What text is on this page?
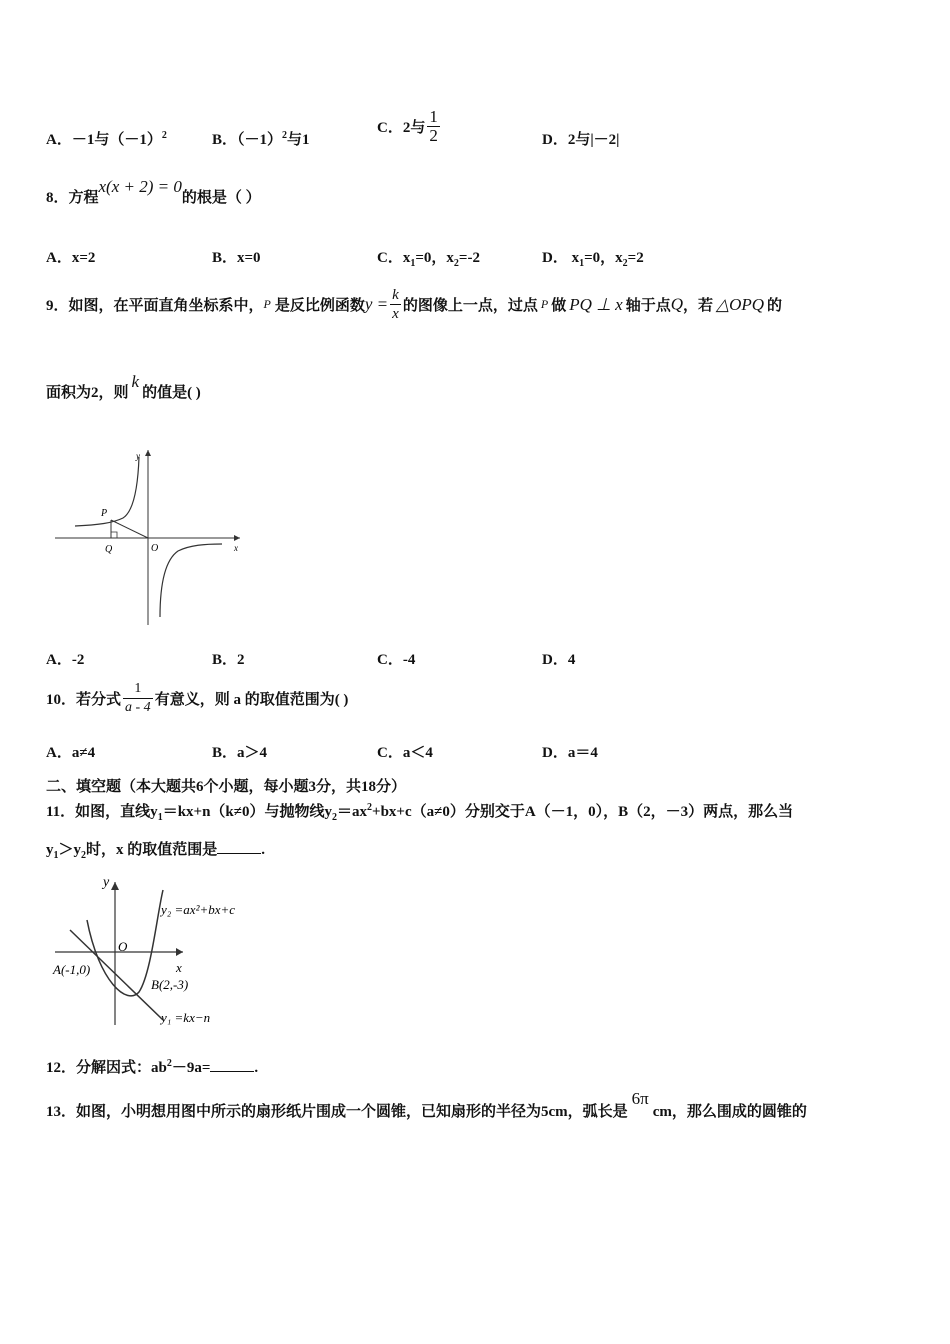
A．－1与$(-1)^2$	B．$(-1)^2$与1
C．2与 $\frac{1}{2}$	D．2与|－2|
8．方程x(x + 2) = 0的根是（ ）
A．x=2	B．x=0	C．$x_1=0$，$x_2=-2$	D． $x_1=0$，$x_2=2$
9．如图，在平面直角坐标系中，P 是反比例函数$y = \frac{k}{x}$ 的图像上一点，过点 P 做 PQ ⊥ x 轴于点Q，若 △OPQ 的
面积为2，则k的值是( )
y
x
O
P
Q
A．-2	B．2	C．-4	D．4
10．若分式 $\frac{1}{a - 4}$ 有意义，则 a 的取值范围为( )
A．a≠4	B．a＞4	C．a＜4	D．a＝4
二、填空题（本大题共6个小题，每小题3分，共18分）
11．如图，直线$y_1=kx+n(k\ne 0)$与抛物线$y_2=ax^2+bx+c(a\ne 0)$分别交于A（－1，0），B（2，－3）两点，那么当
$y_1>y_2$时，x 的取值范围是	.
y
x
O
y₂ =ax²+bx+c
A(-1,0)
B(2,-3)
y₁ =kx−n
12．分解因式：$ab^2-9a=$	.
13．如图，小明想用图中所示的扇形纸片围成一个圆锥，已知扇形的半径为5cm，弧长是6πcm，那么围成的圆锥的
